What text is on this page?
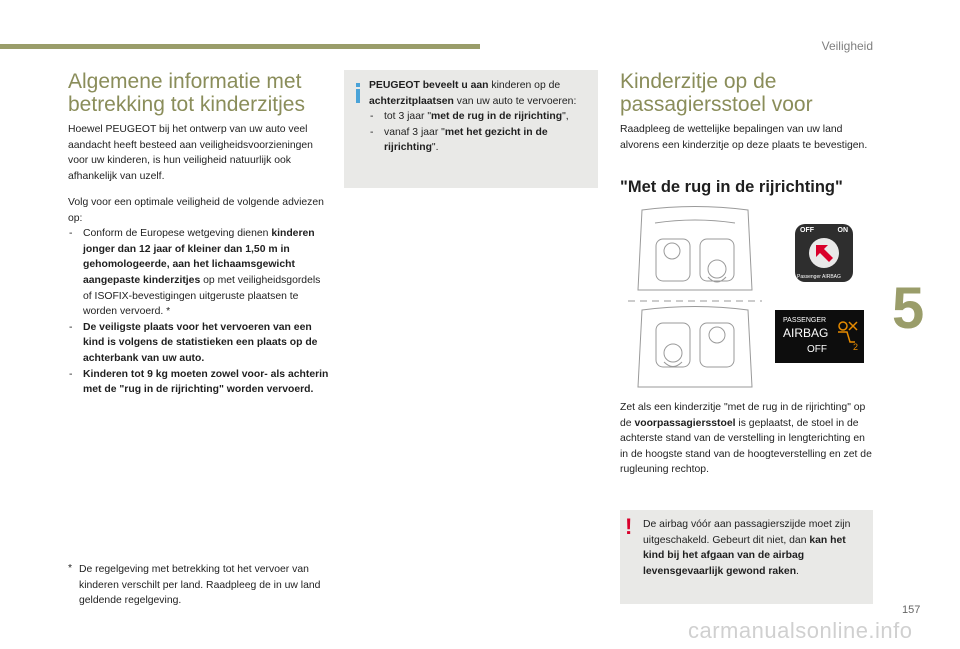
Veiligheid
Algemene informatie met
betrekking tot kinderzitjes

Hoewel PEUGEOT bij het ontwerp van uw auto veel aandacht heeft besteed aan veiligheidsvoorzieningen voor uw kinderen, is hun veiligheid natuurlijk ook afhankelijk van uzelf.

Volg voor een optimale veiligheid de volgende adviezen op:

- Conform de Europese wetgeving dienen kinderen jonger dan 12 jaar of kleiner dan 1,50 m in gehomologeerde, aan het lichaamsgewicht aangepaste kinderzitjes op met veiligheidsgordels of ISOFIX-bevestigingen uitgeruste plaatsen te worden vervoerd. *
- De veiligste plaats voor het vervoeren van een kind is volgens de statistieken een plaats op de achterbank van uw auto.
- Kinderen tot 9 kg moeten zowel voor- als achterin met de "rug in de rijrichting" worden vervoerd.
* De regelgeving met betrekking tot het vervoer van kinderen verschilt per land. Raadpleeg de in uw land geldende regelgeving.

PEUGEOT beveelt u aan kinderen op de achterzitplaatsen van uw auto te vervoeren:

- tot 3 jaar "met de rug in de rijrichting",
- vanaf 3 jaar "met het gezicht in de rijrichting".
Kinderzitje op de
passagiersstoel voor

Raadpleeg de wettelijke bepalingen van uw land alvorens een kinderzitje op deze plaats te bevestigen.

"Met de rug in de rijrichting"
OFF	ON
Passenger AIRBAG
PASSENGER
AIRBAG
OFF	2

Zet als een kinderzitje "met de rug in de rijrichting" op de voorpassagiersstoel is geplaatst, de stoel in de achterste stand van de verstelling in lengterichting en in de hoogste stand van de hoogteverstelling en zet de rugleuning rechtop.

! De airbag vóór aan passagierszijde moet zijn uitgeschakeld. Gebeurt dit niet, dan kan het kind bij het afgaan van de airbag levensgevaarlijk gewond raken.
5
157
carmanualsonline.info
